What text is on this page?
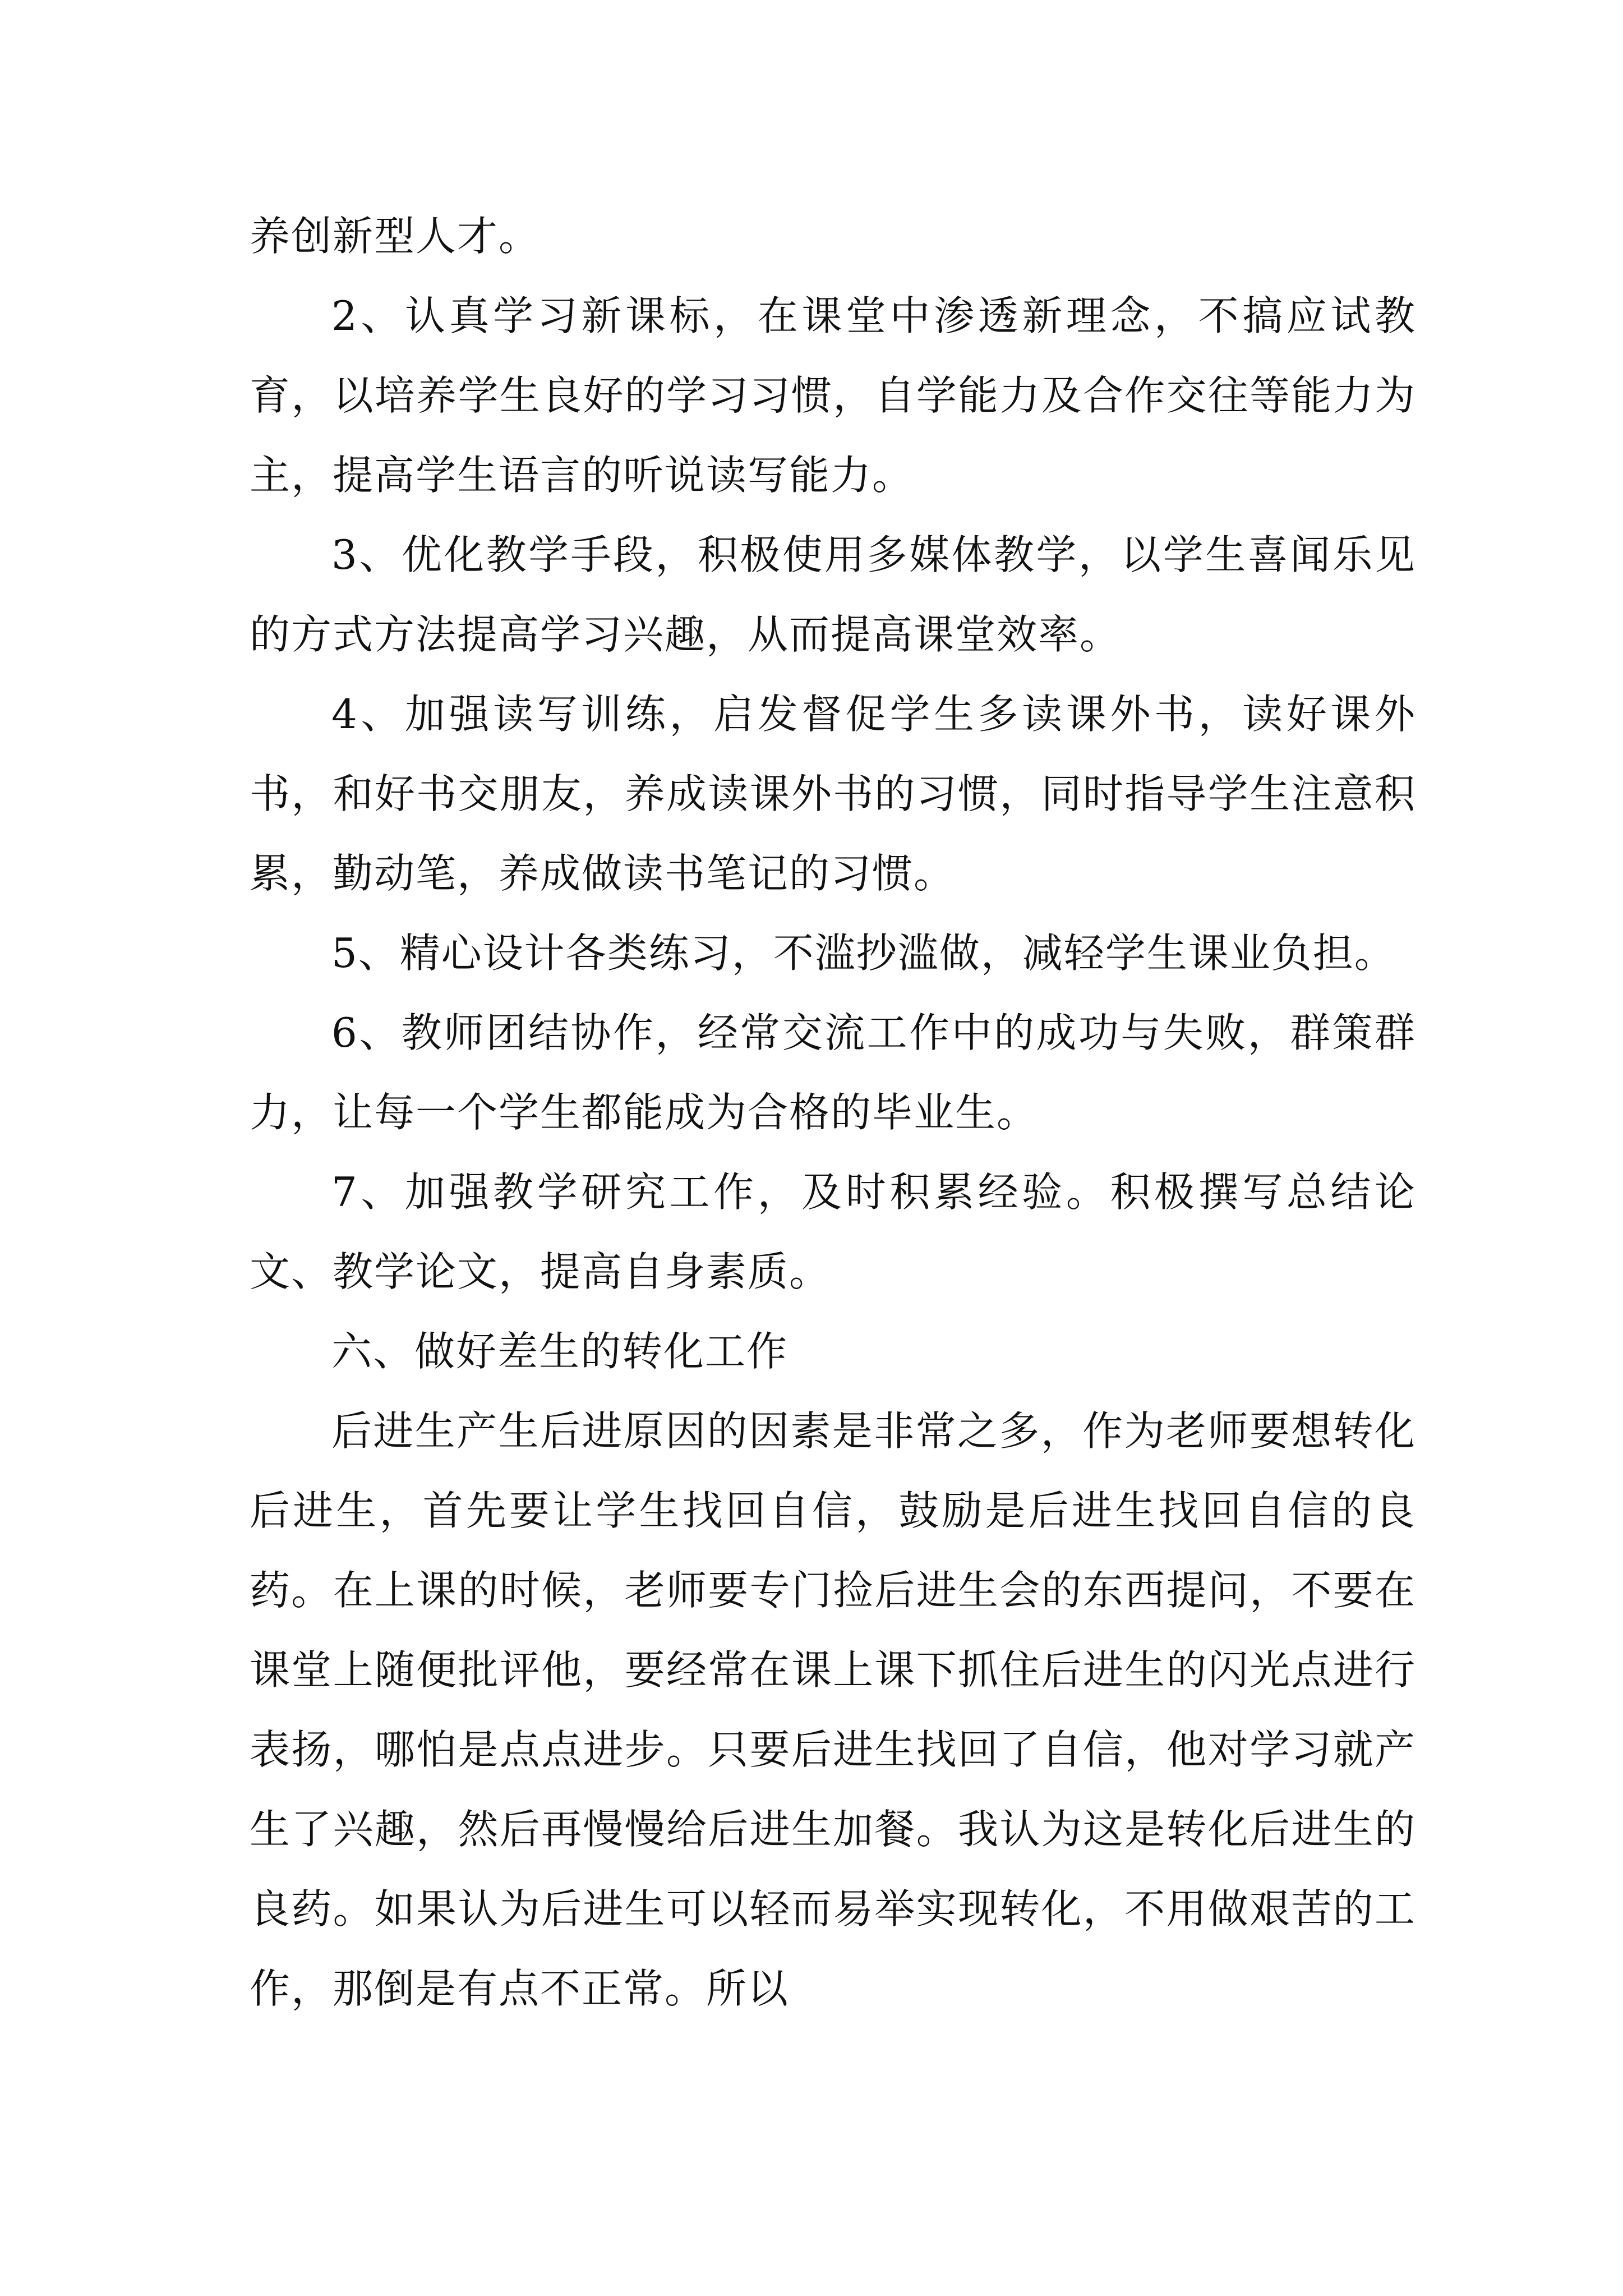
养创新型人才。

2、认真学习新课标，在课堂中渗透新理念，不搞应试教育，以培养学生良好的学习习惯，自学能力及合作交往等能力为主，提高学生语言的听说读写能力。

3、优化教学手段，积极使用多媒体教学，以学生喜闻乐见的方式方法提高学习兴趣，从而提高课堂效率。

4、加强读写训练，启发督促学生多读课外书，读好课外书，和好书交朋友，养成读课外书的习惯，同时指导学生注意积累，勤动笔，养成做读书笔记的习惯。

5、精心设计各类练习，不滥抄滥做，减轻学生课业负担。

6、教师团结协作，经常交流工作中的成功与失败，群策群力，让每一个学生都能成为合格的毕业生。

7、加强教学研究工作，及时积累经验。积极撰写总结论文、教学论文，提高自身素质。

六、做好差生的转化工作

后进生产生后进原因的因素是非常之多，作为老师要想转化后进生，首先要让学生找回自信，鼓励是后进生找回自信的良药。在上课的时候，老师要专门捡后进生会的东西提问，不要在课堂上随便批评他，要经常在课上课下抓住后进生的闪光点进行表扬，哪怕是点点进步。只要后进生找回了自信，他对学习就产生了兴趣，然后再慢慢给后进生加餐。我认为这是转化后进生的良药。如果认为后进生可以轻而易举实现转化，不用做艰苦的工作，那倒是有点不正常。所以
